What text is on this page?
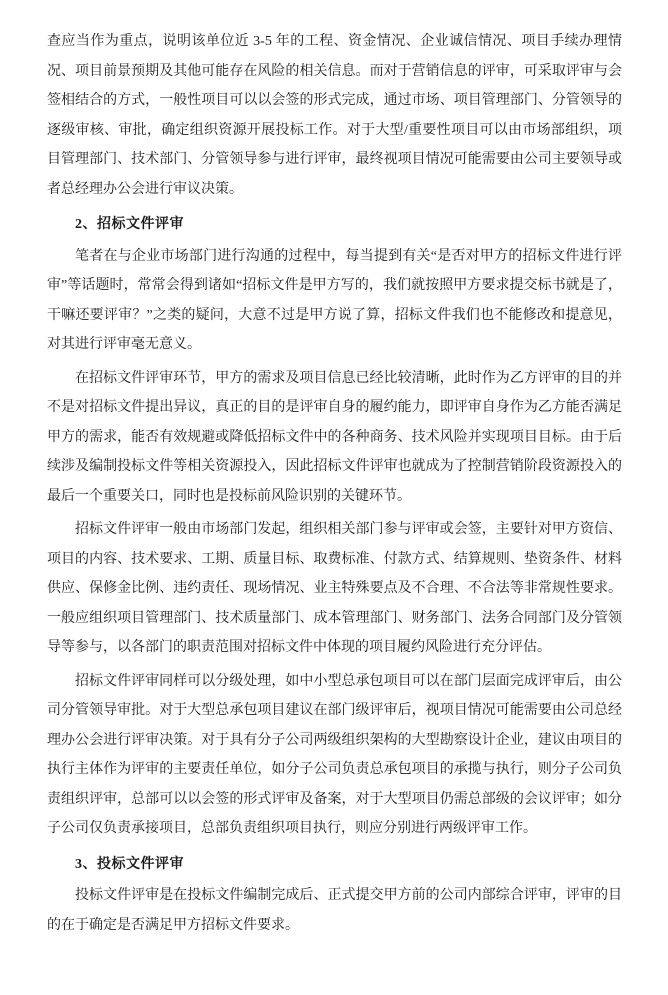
查应当作为重点，说明该单位近 3-5 年的工程、资金情况、企业诚信情况、项目手续办理情况、项目前景预期及其他可能存在风险的相关信息。而对于营销信息的评审，可采取评审与会签相结合的方式，一般性项目可以以会签的形式完成，通过市场、项目管理部门、分管领导的逐级审核、审批，确定组织资源开展投标工作。对于大型/重要性项目可以由市场部组织，项目管理部门、技术部门、分管领导参与进行评审，最终视项目情况可能需要由公司主要领导或者总经理办公会进行审议决策。

2、招标文件评审

笔者在与企业市场部门进行沟通的过程中，每当提到有关“是否对甲方的招标文件进行评审”等话题时，常常会得到诸如“招标文件是甲方写的，我们就按照甲方要求提交标书就是了，干嘛还要评审？”之类的疑问，大意不过是甲方说了算，招标文件我们也不能修改和提意见，对其进行评审毫无意义。

在招标文件评审环节，甲方的需求及项目信息已经比较清晰，此时作为乙方评审的目的并不是对招标文件提出异议，真正的目的是评审自身的履约能力，即评审自身作为乙方能否满足甲方的需求，能否有效规避或降低招标文件中的各种商务、技术风险并实现项目目标。由于后续涉及编制投标文件等相关资源投入，因此招标文件评审也就成为了控制营销阶段资源投入的最后一个重要关口，同时也是投标前风险识别的关键环节。

招标文件评审一般由市场部门发起，组织相关部门参与评审或会签，主要针对甲方资信、项目的内容、技术要求、工期、质量目标、取费标准、付款方式、结算规则、垫资条件、材料供应、保修金比例、违约责任、现场情况、业主特殊要点及不合理、不合法等非常规性要求。一般应组织项目管理部门、技术质量部门、成本管理部门、财务部门、法务合同部门及分管领导等参与，以各部门的职责范围对招标文件中体现的项目履约风险进行充分评估。

招标文件评审同样可以分级处理，如中小型总承包项目可以在部门层面完成评审后，由公司分管领导审批。对于大型总承包项目建议在部门级评审后，视项目情况可能需要由公司总经理办公会进行评审决策。对于具有分子公司两级组织架构的大型勘察设计企业，建议由项目的执行主体作为评审的主要责任单位，如分子公司负责总承包项目的承揽与执行，则分子公司负责组织评审，总部可以以会签的形式评审及备案，对于大型项目仍需总部级的会议评审；如分子公司仅负责承接项目，总部负责组织项目执行，则应分别进行两级评审工作。

3、投标文件评审

投标文件评审是在投标文件编制完成后、正式提交甲方前的公司内部综合评审，评审的目的在于确定是否满足甲方招标文件要求。
